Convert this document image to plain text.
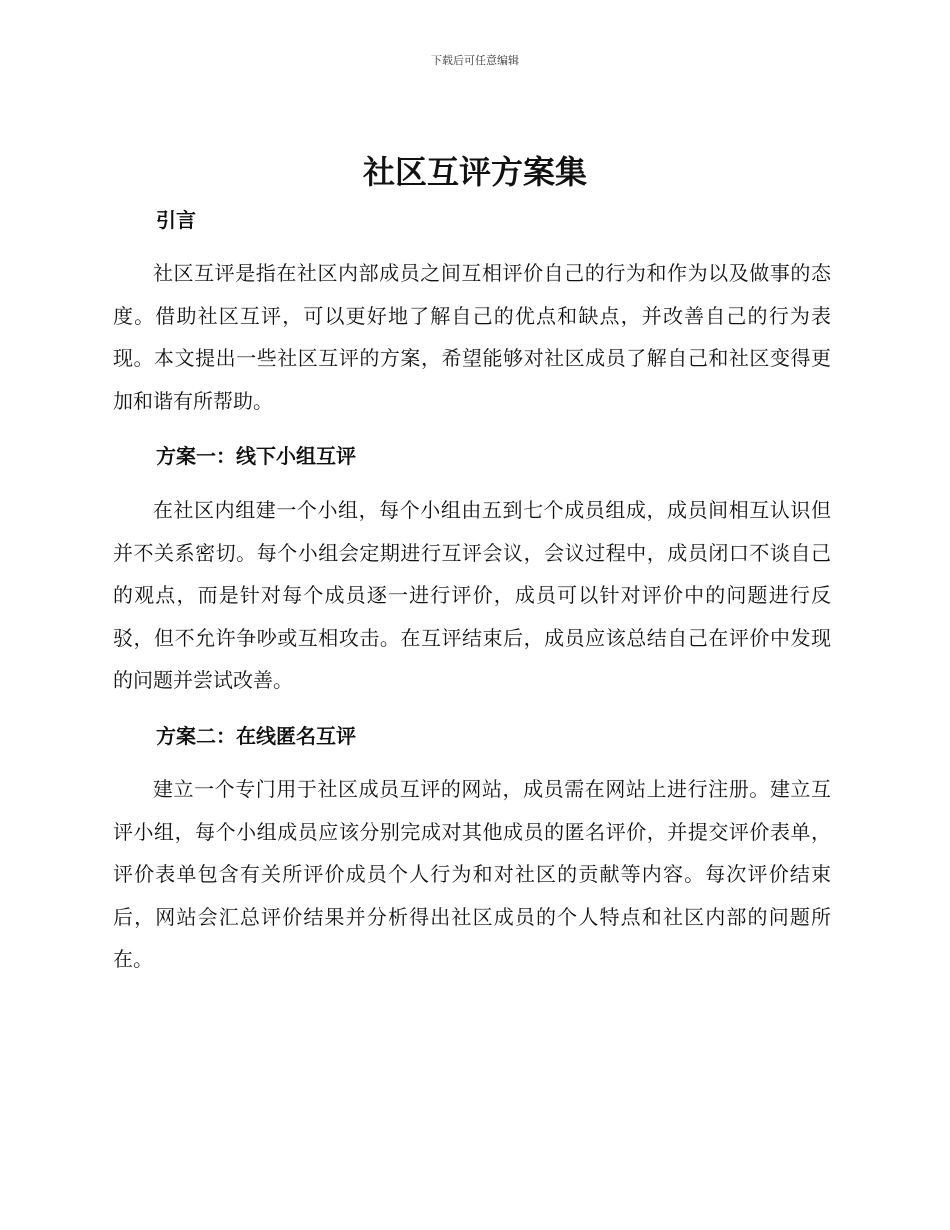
下载后可任意编辑
社区互评方案集
引言

社区互评是指在社区内部成员之间互相评价自己的行为和作为以及做事的态度。借助社区互评，可以更好地了解自己的优点和缺点，并改善自己的行为表现。本文提出一些社区互评的方案，希望能够对社区成员了解自己和社区变得更加和谐有所帮助。

方案一：线下小组互评

在社区内组建一个小组，每个小组由五到七个成员组成，成员间相互认识但并不关系密切。每个小组会定期进行互评会议，会议过程中，成员闭口不谈自己的观点，而是针对每个成员逐一进行评价，成员可以针对评价中的问题进行反驳，但不允许争吵或互相攻击。在互评结束后，成员应该总结自己在评价中发现的问题并尝试改善。

方案二：在线匿名互评

建立一个专门用于社区成员互评的网站，成员需在网站上进行注册。建立互评小组，每个小组成员应该分别完成对其他成员的匿名评价，并提交评价表单，评价表单包含有关所评价成员个人行为和对社区的贡献等内容。每次评价结束后，网站会汇总评价结果并分析得出社区成员的个人特点和社区内部的问题所在。
